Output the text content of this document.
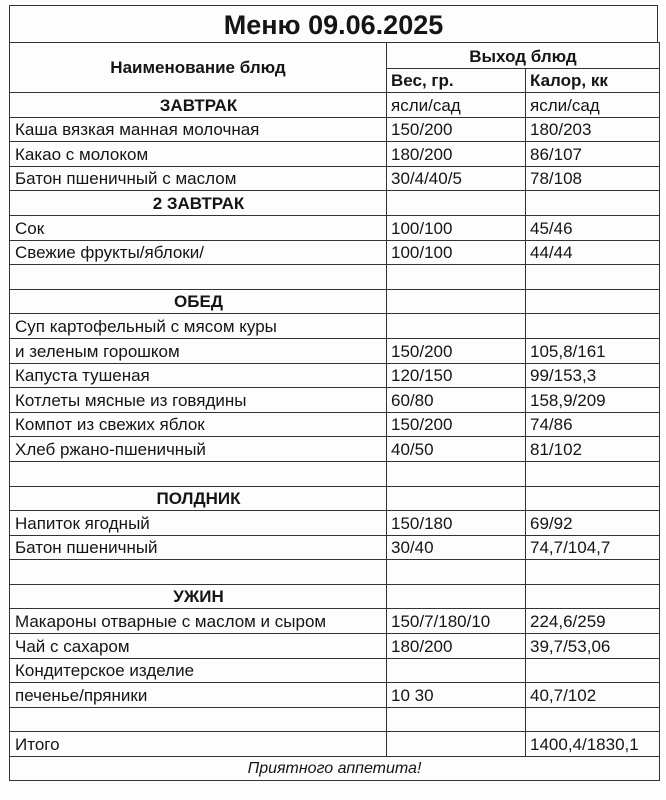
Меню 09.06.2025
Наименование блюд	Выход блюд	
	Вес, гр.	Калор, кк
ЗАВТРАК	ясли/сад	ясли/сад
Каша вязкая манная молочная	150/200	180/203
Какао с молоком	180/200	86/107
Батон пшеничный с маслом	30/4/40/5	78/108
2 ЗАВТРАК		
Сок	100/100	45/46
Свежие фрукты/яблоки/	100/100	44/44

ОБЕД		
Суп картофельный с мясом куры		
и зеленым горошком	150/200	105,8/161
Капуста тушеная	120/150	99/153,3
Котлеты мясные из говядины	60/80	158,9/209
Компот из свежих яблок	150/200	74/86
Хлеб ржано-пшеничный	40/50	81/102

ПОЛДНИК		
Напиток ягодный	150/180	69/92
Батон пшеничный	30/40	74,7/104,7

УЖИН		
Макароны отварные с маслом и сыром	150/7/180/10	224,6/259
Чай с сахаром	180/200	39,7/53,06
Кондитерское изделие		
печенье/пряники	10 30	40,7/102

Итого		1400,4/1830,1
Приятного аппетита!		
